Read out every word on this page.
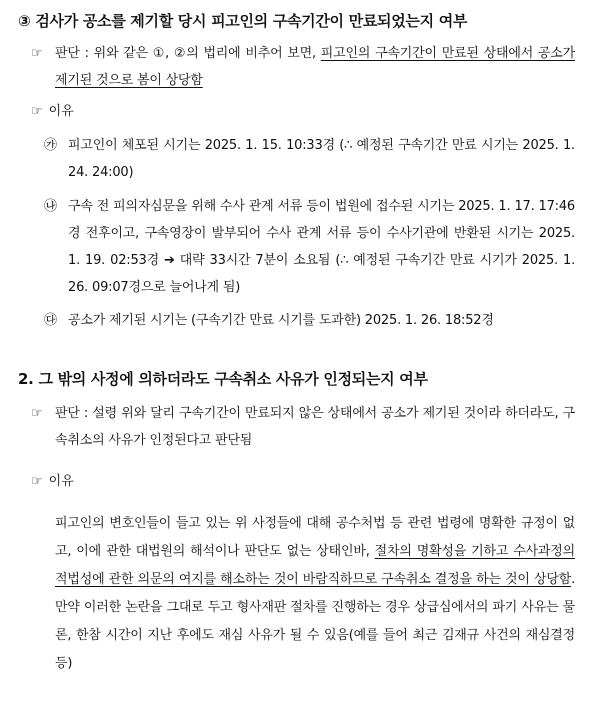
③ 검사가 공소를 제기할 당시 피고인의 구속기간이 만료되었는지 여부
☞ 판단 : 위와 같은 ①, ②의 법리에 비추어 보면, 피고인의 구속기간이 만료된 상태에서 공소가 제기된 것으로 봄이 상당함
☞ 이유
㉮ 피고인이 체포된 시기는 2025. 1. 15. 10:33경 (∴ 예정된 구속기간 만료 시기는 2025. 1. 24. 24:00)
㉯ 구속 전 피의자심문을 위해 수사 관계 서류 등이 법원에 접수된 시기는 2025. 1. 17. 17:46경 전후이고, 구속영장이 발부되어 수사 관계 서류 등이 수사기관에 반환된 시기는 2025. 1. 19. 02:53경 ➔ 대략 33시간 7분이 소요됨 (∴ 예정된 구속기간 만료 시기가 2025. 1. 26. 09:07경으로 늘어나게 됨)
㉰ 공소가 제기된 시기는 (구속기간 만료 시기를 도과한) 2025. 1. 26. 18:52경
2. 그 밖의 사정에 의하더라도 구속취소 사유가 인정되는지 여부
☞ 판단 : 설령 위와 달리 구속기간이 만료되지 않은 상태에서 공소가 제기된 것이라 하더라도, 구속취소의 사유가 인정된다고 판단됨
☞ 이유
피고인의 변호인들이 들고 있는 위 사정들에 대해 공수처법 등 관련 법령에 명확한 규정이 없고, 이에 관한 대법원의 해석이나 판단도 없는 상태인바, 절차의 명확성을 기하고 수사과정의 적법성에 관한 의문의 여지를 해소하는 것이 바람직하므로 구속취소 결정을 하는 것이 상당함. 만약 이러한 논란을 그대로 두고 형사재판 절차를 진행하는 경우 상급심에서의 파기 사유는 물론, 한참 시간이 지난 후에도 재심 사유가 될 수 있음(예를 들어 최근 김재규 사건의 재심결정 등)
